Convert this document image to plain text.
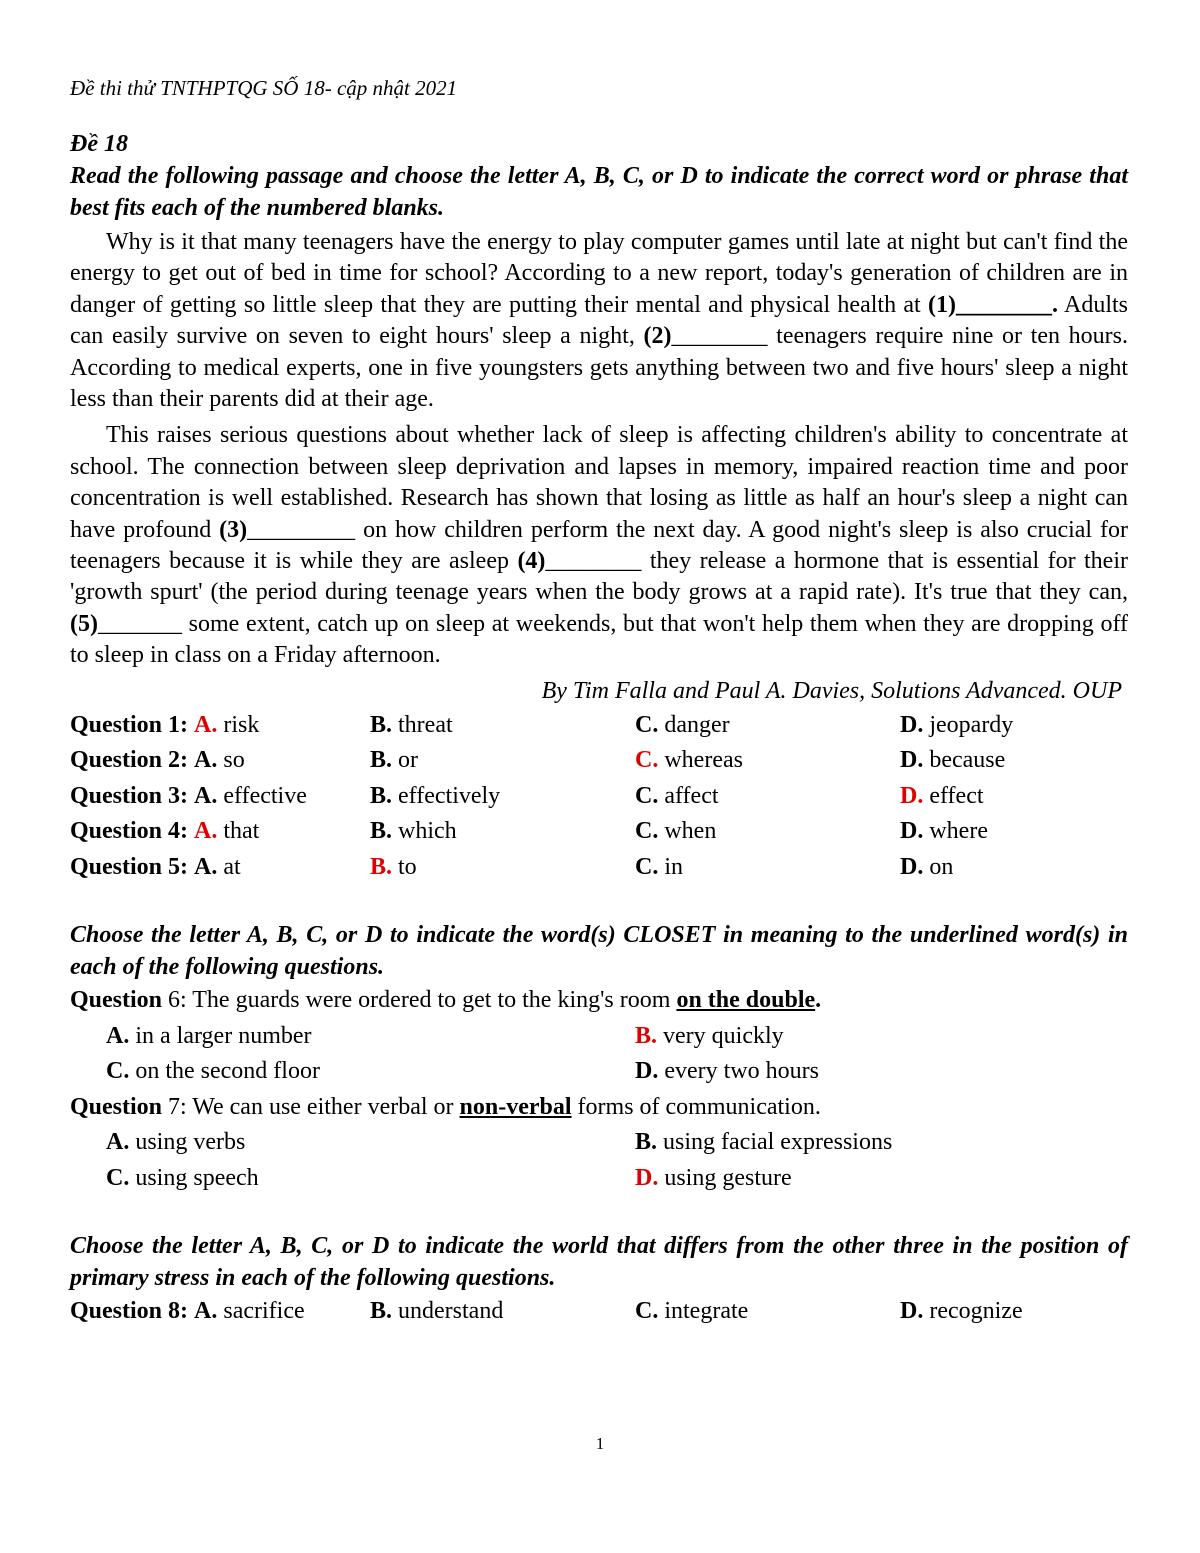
Đề thi thử TNTHPTQG SỐ 18- cập nhật 2021
Đề 18
Read the following passage and choose the letter A, B, C, or D to indicate the correct word or phrase that best fits each of the numbered blanks.

Why is it that many teenagers have the energy to play computer games until late at night but can't find the energy to get out of bed in time for school? According to a new report, today's generation of children are in danger of getting so little sleep that they are putting their mental and physical health at (1)________. Adults can easily survive on seven to eight hours' sleep a night, (2)________ teenagers require nine or ten hours. According to medical experts, one in five youngsters gets anything between two and five hours' sleep a night less than their parents did at their age.

This raises serious questions about whether lack of sleep is affecting children's ability to concentrate at school. The connection between sleep deprivation and lapses in memory, impaired reaction time and poor concentration is well established. Research has shown that losing as little as half an hour's sleep a night can have profound (3)_________ on how children perform the next day. A good night's sleep is also crucial for teenagers because it is while they are asleep (4)________ they release a hormone that is essential for their 'growth spurt' (the period during teenage years when the body grows at a rapid rate). It's true that they can, (5)_______ some extent, catch up on sleep at weekends, but that won't help them when they are dropping off to sleep in class on a Friday afternoon.

By Tim Falla and Paul A. Davies, Solutions Advanced. OUP
Question 1: A. risk	B. threat	C. danger	D. jeopardy
Question 2: A. so	B. or	C. whereas	D. because
Question 3: A. effective	B. effectively	C. affect	D. effect
Question 4: A. that	B. which	C. when	D. where
Question 5: A. at	B. to	C. in	D. on
Choose the letter A, B, C, or D to indicate the word(s) CLOSET in meaning to the underlined word(s) in each of the following questions.
Question 6: The guards were ordered to get to the king's room on the double.
A. in a larger number	B. very quickly
C. on the second floor	D. every two hours
Question 7: We can use either verbal or non-verbal forms of communication.
A. using verbs	B. using facial expressions
C. using speech	D. using gesture
Choose the letter A, B, C, or D to indicate the world that differs from the other three in the position of primary stress in each of the following questions.
Question 8: A. sacrifice	B. understand	C. integrate	D. recognize
1
